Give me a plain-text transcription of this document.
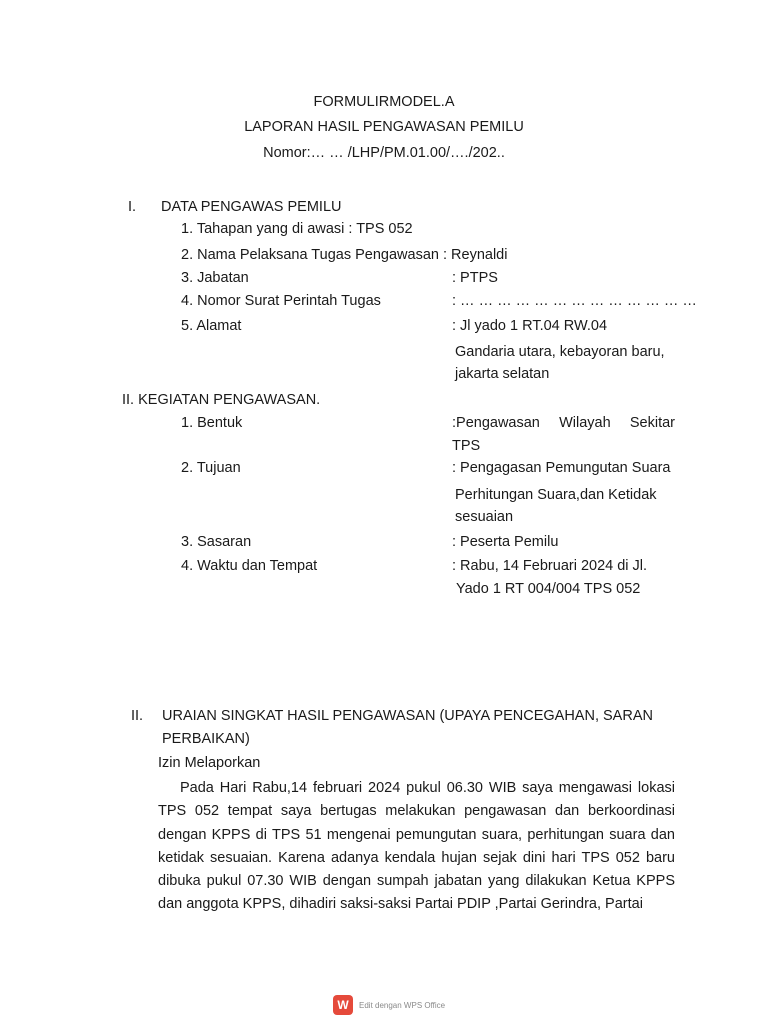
FORMULIRMODEL.A
LAPORAN HASIL PENGAWASAN PEMILU
Nomor:… … /LHP/PM.01.00/…./202..
I. DATA PENGAWAS PEMILU
1. Tahapan yang di awasi : TPS 052
2. Nama Pelaksana Tugas Pengawasan : Reynaldi
3. Jabatan	: PTPS
4. Nomor Surat Perintah Tugas	: … … … … … … … … … … … … …
5. Alamat	: Jl yado 1 RT.04 RW.04
Gandaria utara, kebayoran baru,
jakarta selatan
II. KEGIATAN PENGAWASAN.
1. Bentuk	:Pengawasan Wilayah Sekitar
TPS
2. Tujuan	: Pengagasan Pemungutan Suara
Perhitungan Suara,dan Ketidak
sesuaian
3. Sasaran	: Peserta Pemilu
4. Waktu dan Tempat	: Rabu, 14 Februari 2024 di Jl.
Yado 1 RT 004/004 TPS 052
II. URAIAN SINGKAT HASIL PENGAWASAN (UPAYA PENCEGAHAN, SARAN
PERBAIKAN)
Izin Melaporkan
Pada Hari Rabu,14 februari 2024 pukul 06.30 WIB saya mengawasi lokasi TPS 052 tempat saya bertugas melakukan pengawasan dan berkoordinasi dengan KPPS di TPS 51 mengenai pemungutan suara, perhitungan suara dan ketidak sesuaian. Karena adanya kendala hujan sejak dini hari TPS 052 baru dibuka pukul 07.30 WIB dengan sumpah jabatan yang dilakukan Ketua KPPS dan anggota KPPS, dihadiri saksi-saksi Partai PDIP ,Partai Gerindra, Partai
W	Edit dengan WPS Office
